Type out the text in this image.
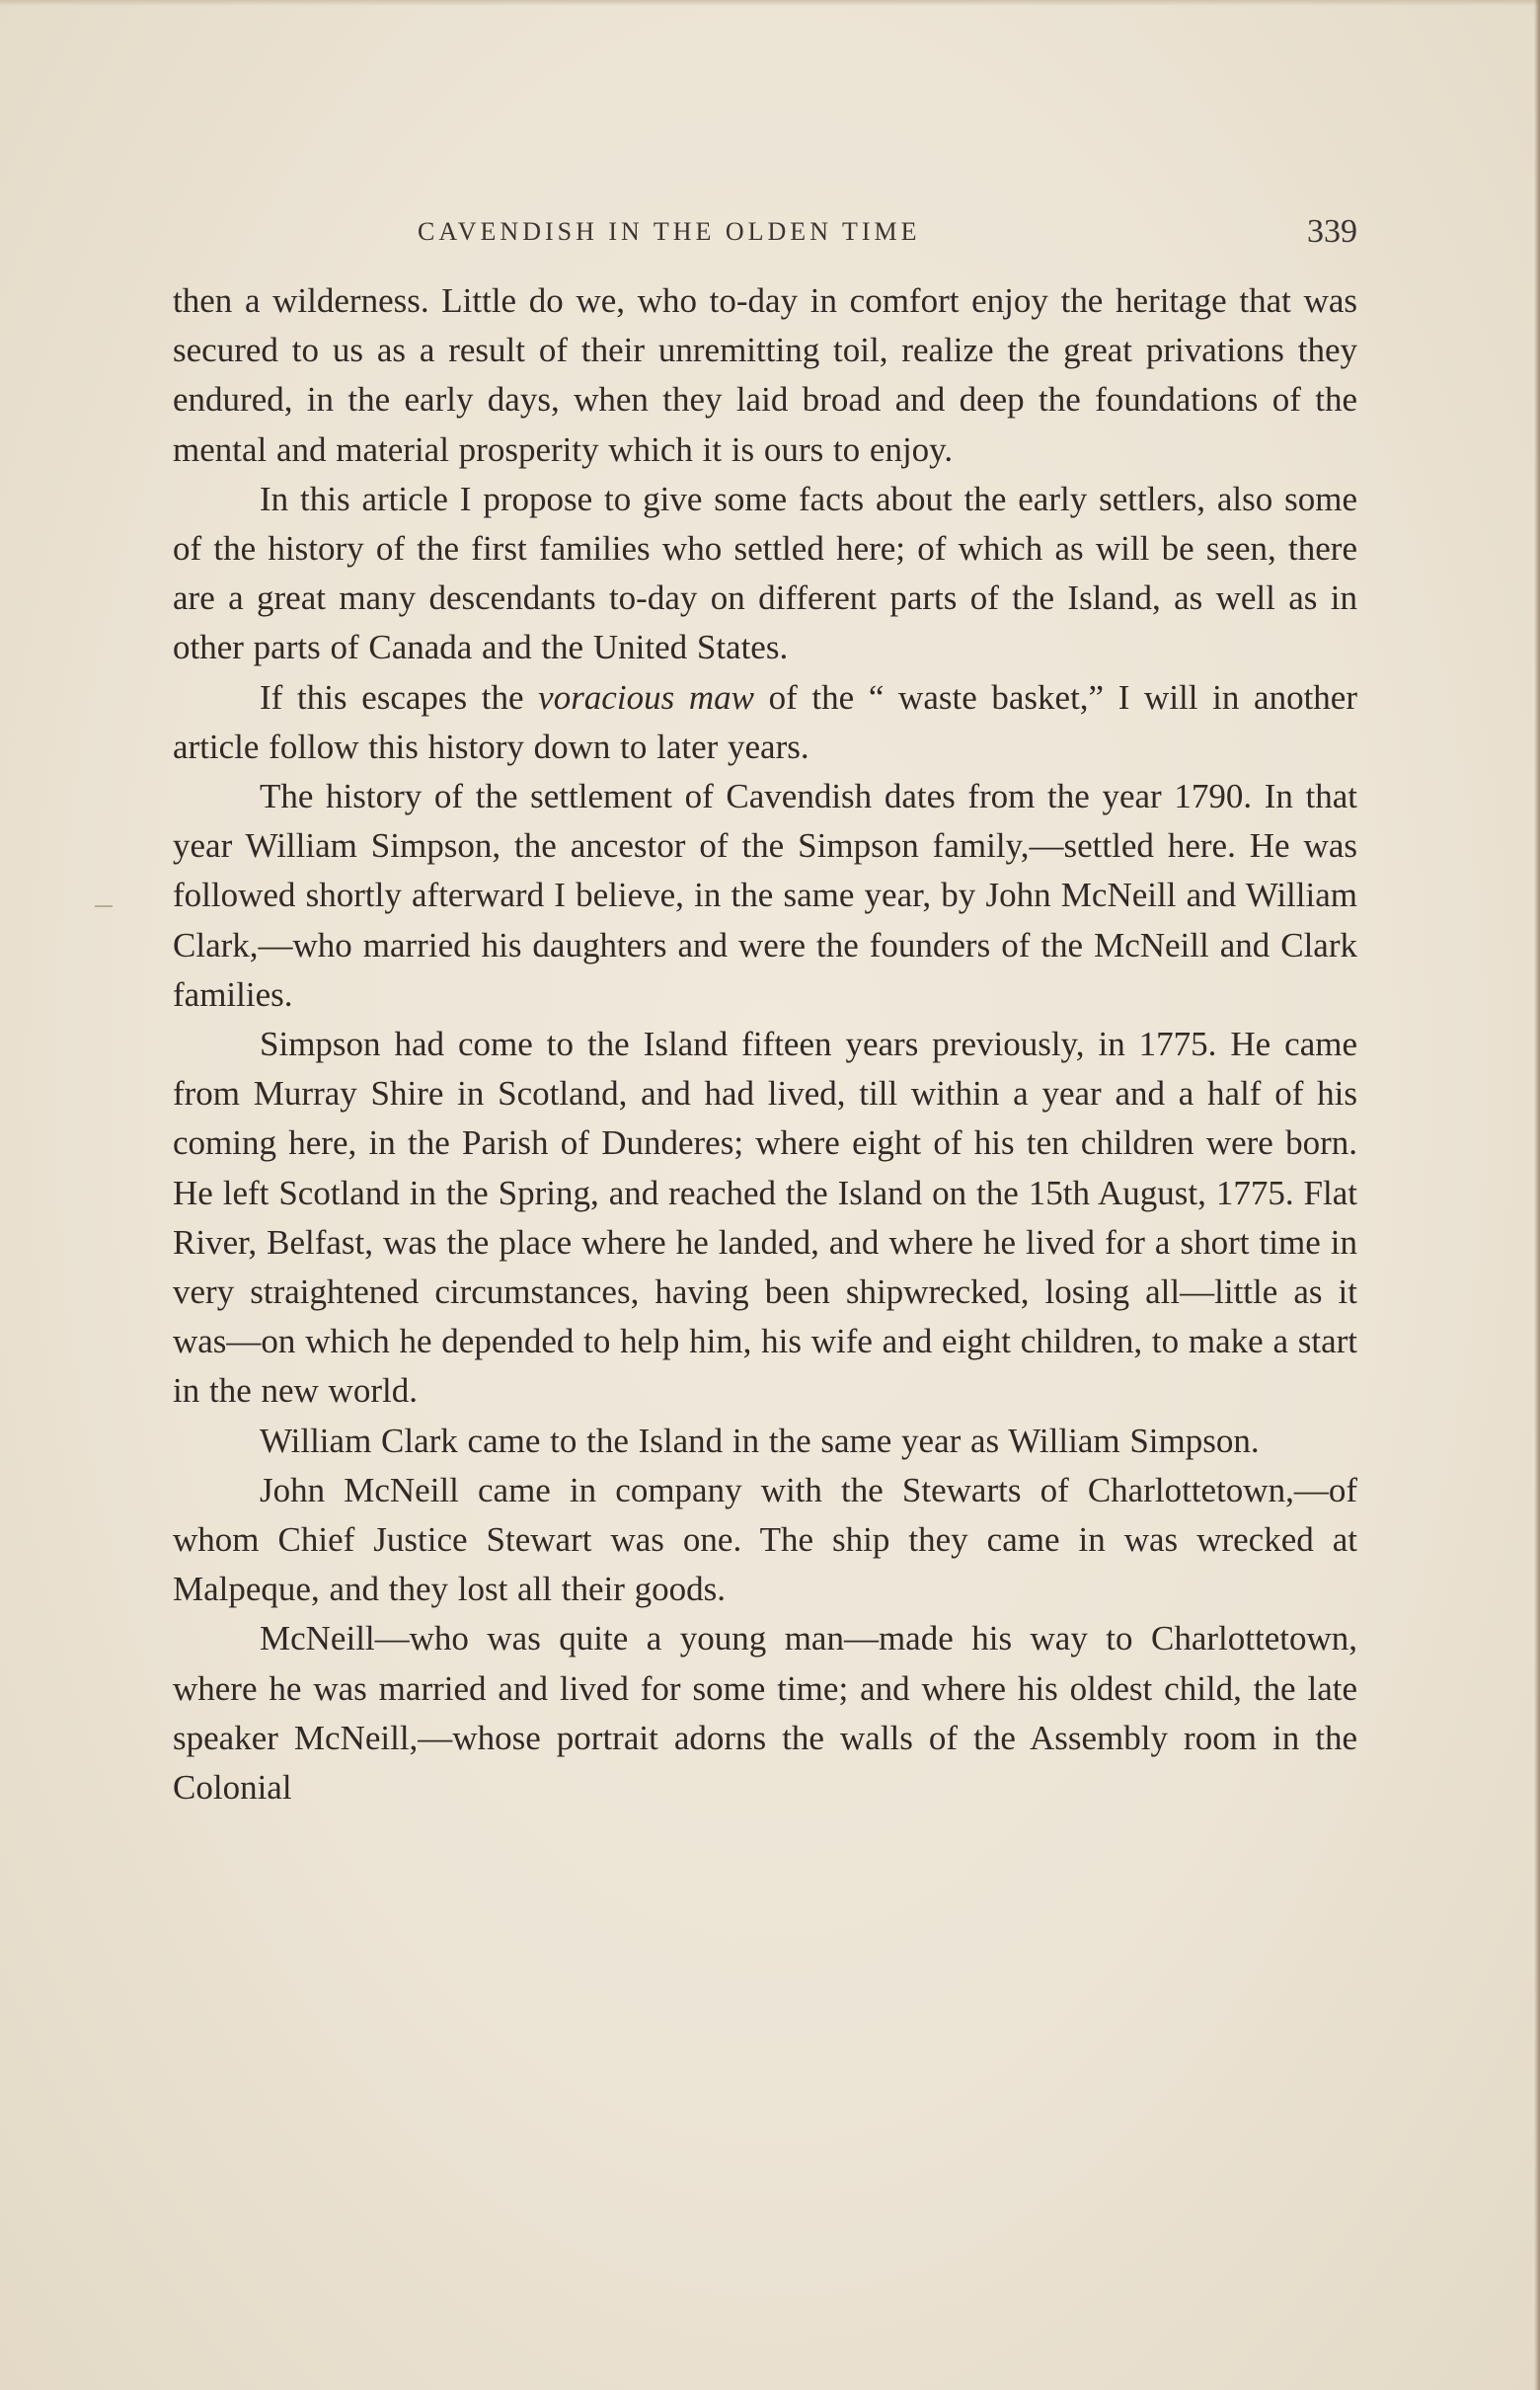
CAVENDISH IN THE OLDEN TIME	339

then a wilderness. Little do we, who to-day in comfort enjoy the heritage that was secured to us as a result of their unremitting toil, realize the great privations they endured, in the early days, when they laid broad and deep the foundations of the mental and material prosperity which it is ours to enjoy.

In this article I propose to give some facts about the early settlers, also some of the history of the first families who settled here; of which as will be seen, there are a great many descendants to-day on different parts of the Island, as well as in other parts of Canada and the United States.

If this escapes the voracious maw of the “ waste basket,” I will in another article follow this history down to later years.

The history of the settlement of Cavendish dates from the year 1790. In that year William Simpson, the ancestor of the Simpson family,—settled here. He was followed shortly afterward I believe, in the same year, by John McNeill and William Clark,—who married his daughters and were the founders of the McNeill and Clark families.

Simpson had come to the Island fifteen years previously, in 1775. He came from Murray Shire in Scotland, and had lived, till within a year and a half of his coming here, in the Parish of Dunderes; where eight of his ten children were born. He left Scotland in the Spring, and reached the Island on the 15th August, 1775. Flat River, Belfast, was the place where he landed, and where he lived for a short time in very straightened circumstances, having been shipwrecked, losing all—little as it was—on which he depended to help him, his wife and eight children, to make a start in the new world.

William Clark came to the Island in the same year as William Simpson.

John McNeill came in company with the Stewarts of Charlottetown,—of whom Chief Justice Stewart was one. The ship they came in was wrecked at Malpeque, and they lost all their goods.

McNeill—who was quite a young man—made his way to Charlottetown, where he was married and lived for some time; and where his oldest child, the late speaker McNeill,—whose portrait adorns the walls of the Assembly room in the Colonial
